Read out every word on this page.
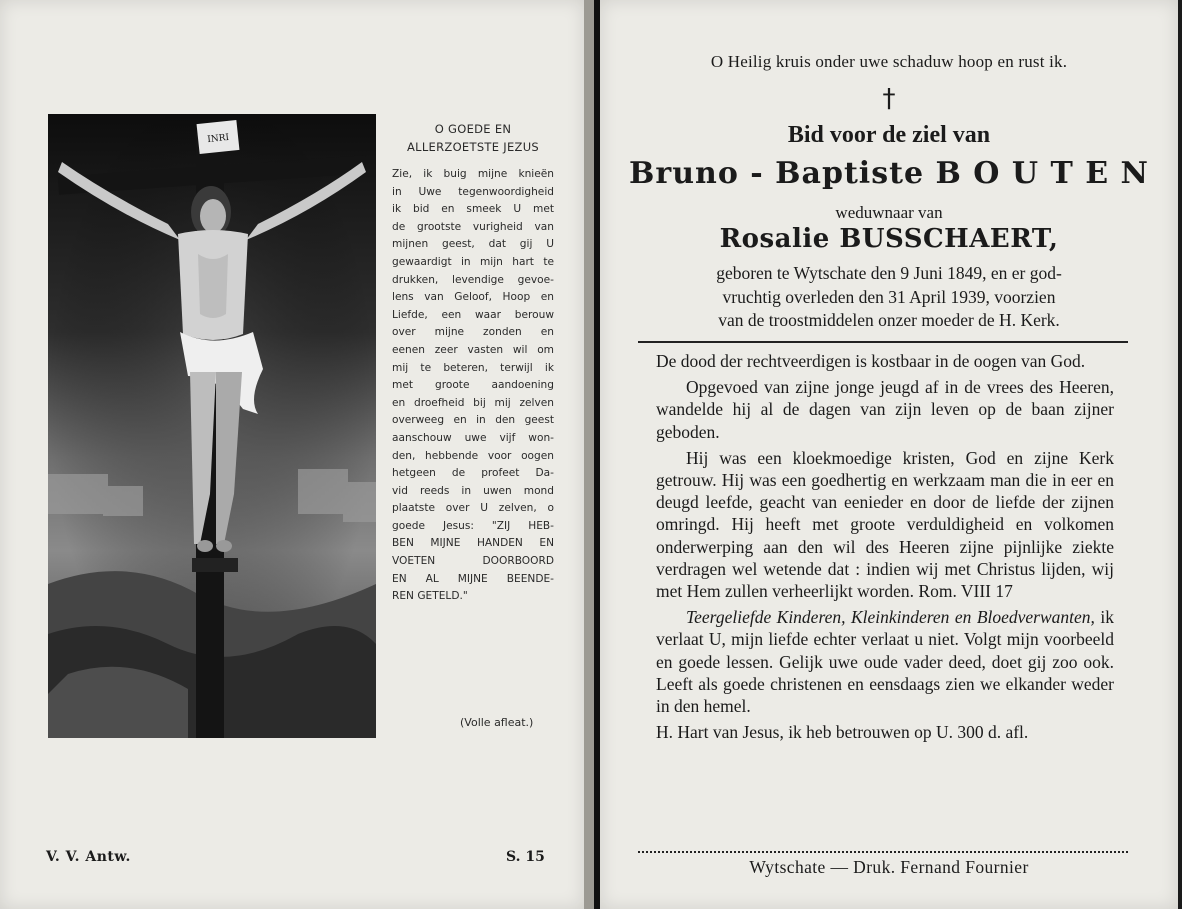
INRI
O GOEDE EN
ALLERZOETSTE JEZUS
Zie, ik buig mijne knieën
in Uwe tegenwoordigheid
ik bid en smeek U met
de grootste vurigheid van
mijnen geest, dat gij U
gewaardigt in mijn hart te
drukken, levendige gevoe-
lens van Geloof, Hoop en
Liefde, een waar berouw
over mijne zonden en
eenen zeer vasten wil om
mij te beteren, terwijl ik
met groote aandoening
en droefheid bij mij zelven
overweeg en in den geest
aanschouw uwe vijf won-
den, hebbende voor oogen
hetgeen de profeet Da-
vid reeds in uwen mond
plaatste over U zelven, o
goede Jesus: "ZIJ HEB-
BEN MIJNE HANDEN EN
VOETEN DOORBOORD
EN AL MIJNE BEENDE-
REN GETELD."
(Volle afleat.)
V. V. Antw.	S. 15
O Heilig kruis onder uwe schaduw hoop en rust ik.
†
Bid voor de ziel van
Bruno - Baptiste B O U T E N
weduwnaar van
Rosalie BUSSCHAERT,
geboren te Wytschate den 9 Juni 1849, en er god-
vruchtig overleden den 31 April 1939, voorzien
van de troostmiddelen onzer moeder de H. Kerk.

De dood der rechtveerdigen is kostbaar in de oogen van God.

Opgevoed van zijne jonge jeugd af in de vrees des Heeren, wandelde hij al de dagen van zijn leven op de baan zijner geboden.

Hij was een kloekmoedige kristen, God en zijne Kerk getrouw. Hij was een goedhertig en werkzaam man die in eer en deugd leefde, geacht van eenieder en door de liefde der zijnen omringd. Hij heeft met groote verduldigheid en volkomen onderwerping aan den wil des Heeren zijne pijnlijke ziekte verdragen wel wetende dat : indien wij met Christus lijden, wij met Hem zullen verheerlijkt worden. Rom. VIII 17

Teergeliefde Kinderen, Kleinkinderen en Bloedverwanten, ik verlaat U, mijn liefde echter verlaat u niet. Volgt mijn voorbeeld en goede lessen. Gelijk uwe oude vader deed, doet gij zoo ook. Leeft als goede christenen en eensdaags zien we elkander weder in den hemel.

H. Hart van Jesus, ik heb betrouwen op U. 300 d. afl.

Wytschate — Druk. Fernand Fournier
